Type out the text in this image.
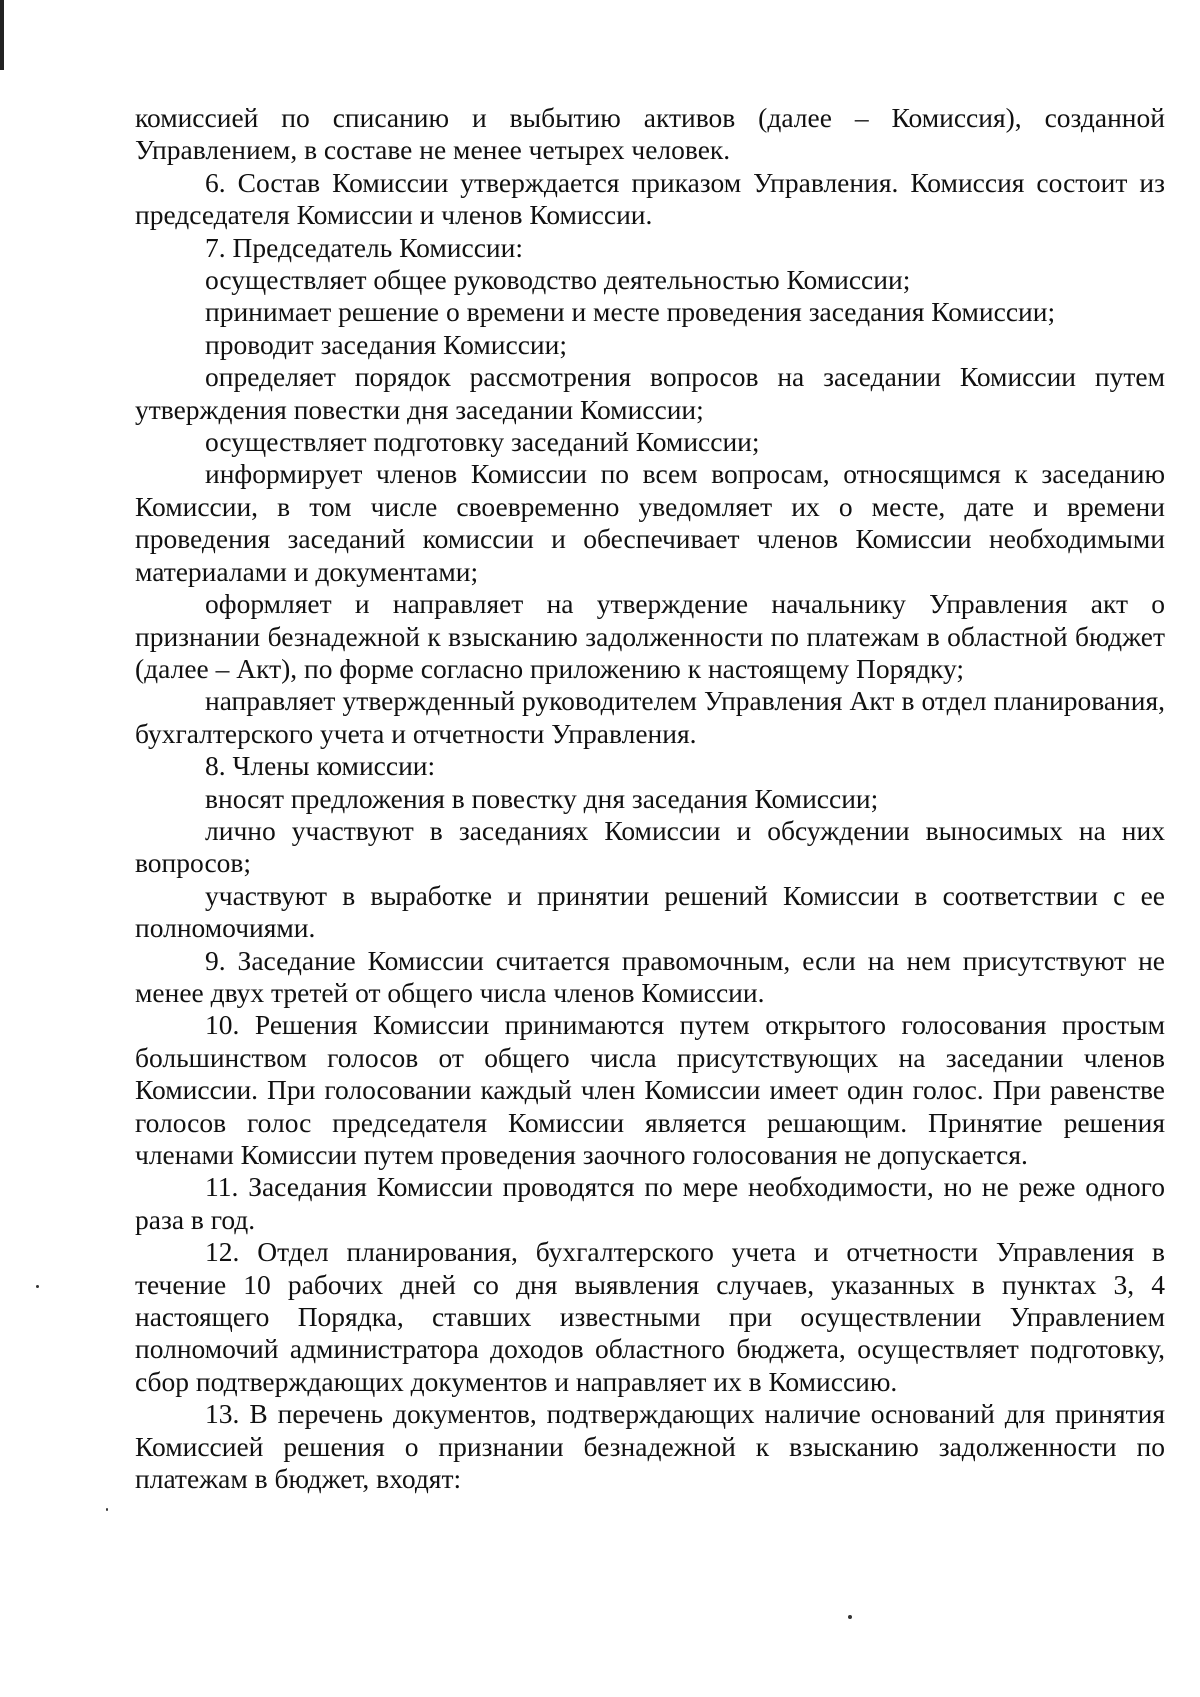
комиссией по списанию и выбытию активов (далее – Комиссия), созданной Управлением, в составе не менее четырех человек.

6. Состав Комиссии утверждается приказом Управления. Комиссия состоит из председателя Комиссии и членов Комиссии.

7. Председатель Комиссии:

осуществляет общее руководство деятельностью Комиссии;

принимает решение о времени и месте проведения заседания Комиссии;

проводит заседания Комиссии;

определяет порядок рассмотрения вопросов на заседании Комиссии путем утверждения повестки дня заседании Комиссии;

осуществляет подготовку заседаний Комиссии;

информирует членов Комиссии по всем вопросам, относящимся к заседанию Комиссии, в том числе своевременно уведомляет их о месте, дате и времени проведения заседаний комиссии и обеспечивает членов Комиссии необходимыми материалами и документами;

оформляет и направляет на утверждение начальнику Управления акт о признании безнадежной к взысканию задолженности по платежам в областной бюджет (далее – Акт), по форме согласно приложению к настоящему Порядку;

направляет утвержденный руководителем Управления Акт в отдел планирования, бухгалтерского учета и отчетности Управления.

8. Члены комиссии:

вносят предложения в повестку дня заседания Комиссии;

лично участвуют в заседаниях Комиссии и обсуждении выносимых на них вопросов;

участвуют в выработке и принятии решений Комиссии в соответствии с ее полномочиями.

9. Заседание Комиссии считается правомочным, если на нем присутствуют не менее двух третей от общего числа членов Комиссии.

10. Решения Комиссии принимаются путем открытого голосования простым большинством голосов от общего числа присутствующих на заседании членов Комиссии. При голосовании каждый член Комиссии имеет один голос. При равенстве голосов голос председателя Комиссии является решающим. Принятие решения членами Комиссии путем проведения заочного голосования не допускается.

11. Заседания Комиссии проводятся по мере необходимости, но не реже одного раза в год.

12. Отдел планирования, бухгалтерского учета и отчетности Управления в течение 10 рабочих дней со дня выявления случаев, указанных в пунктах 3, 4 настоящего Порядка, ставших известными при осуществлении Управлением полномочий администратора доходов областного бюджета, осуществляет подготовку, сбор подтверждающих документов и направляет их в Комиссию.

13. В перечень документов, подтверждающих наличие оснований для принятия Комиссией решения о признании безнадежной к взысканию задолженности по платежам в бюджет, входят:
